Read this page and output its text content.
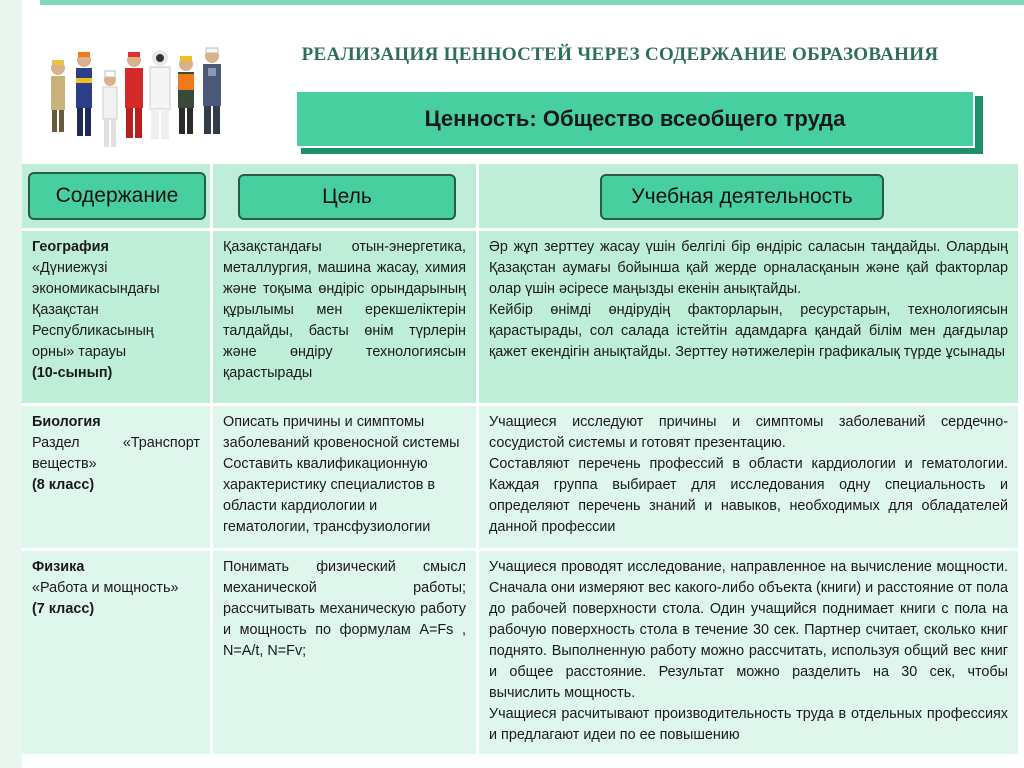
РЕАЛИЗАЦИЯ ЦЕННОСТЕЙ ЧЕРЕЗ СОДЕРЖАНИЕ ОБРАЗОВАНИЯ
Ценность: Общество всеобщего труда
Содержание	Цель	Учебная деятельность
География
«Дүниежүзі экономикасындағы Қазақстан Республикасының орны» тарауы
(10-сынып)
Қазақстандағы отын-энергетика, металлургия, машина жасау, химия және тоқыма өндіріс орындарының құрылымы мен ерекшеліктерін талдайды, басты өнім түрлерін және өндіру технологиясын қарастырады
Әр жұп зерттеу жасау үшін белгілі бір өндіріс саласын таңдайды. Олардың Қазақстан аумағы бойынша қай жерде орналасқанын және қай факторлар олар үшін әсіресе маңызды екенін анықтайды.
Кейбір өнімді өндірудің факторларын, ресурстарын, технологиясын қарастырады, сол салада істейтін адамдарға қандай білім мен дағдылар қажет екендігін анықтайды. Зерттеу нәтижелерін графикалық түрде ұсынады
Биология
Раздел «Транспорт веществ»
(8 класс)
Описать причины и симптомы заболеваний кровеносной системы
Составить квалификационную характеристику специалистов в области кардиологии и гематологии, трансфузиологии
Учащиеся исследуют причины и симптомы заболеваний сердечно-сосудистой системы и готовят презентацию.
Составляют перечень профессий в области кардиологии и гематологии. Каждая группа выбирает для исследования одну специальность и определяют перечень знаний и навыков, необходимых для обладателей данной профессии
Физика
«Работа и мощность»
(7 класс)
Понимать физический смысл механической работы; рассчитывать механическую работу и мощность по формулам A=Fs , N=A/t, N=Fv;
Учащиеся проводят исследование, направленное на вычисление мощности. Сначала они измеряют вес какого-либо объекта (книги) и расстояние от пола до рабочей поверхности стола. Один учащийся поднимает книги с пола на рабочую поверхность стола в течение 30 сек. Партнер считает, сколько книг поднято. Выполненную работу можно рассчитать, используя общий вес книг и общее расстояние. Результат можно разделить на 30 сек, чтобы вычислить мощность.
Учащиеся расчитывают производительность труда в отдельных профессиях и предлагают идеи по ее повышению
